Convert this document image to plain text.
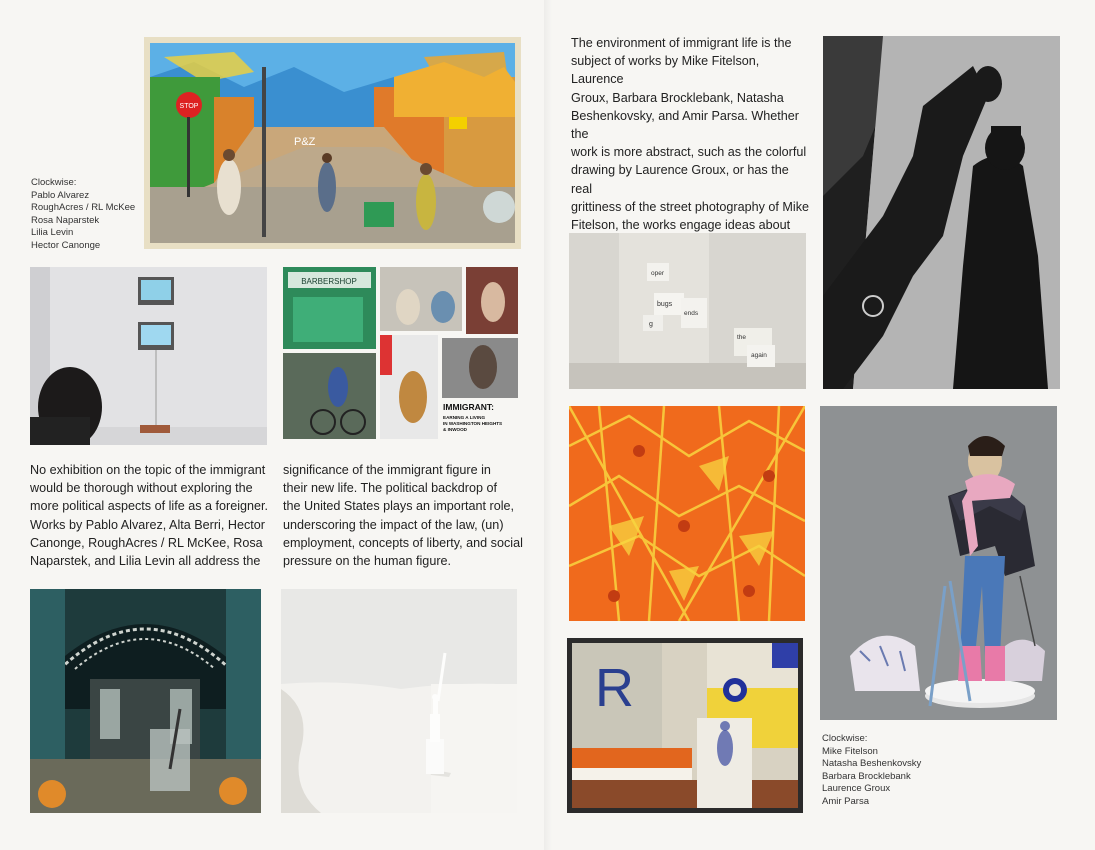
Clockwise:
Pablo Alvarez
RoughAcres / RL McKee
Rosa Naparstek
Lilia Levin
Hector Canonge
STOP
P&Z
BARBERSHOP
IMMIGRANT:
EARNING A LIVING
IN WASHINGTON HEIGHTS
& INWOOD
No exhibition on the topic of the immigrant
would be thorough without exploring the
more political aspects of life as a foreigner.
Works by Pablo Alvarez, Alta Berri, Hector
Canonge, RoughAcres / RL McKee, Rosa
Naparstek, and Lilia Levin all address the
significance of the immigrant figure in
their new life. The political backdrop of
the United States plays an important role,
underscoring the impact of the law, (un)
employment, concepts of liberty, and social
pressure on the human figure.
The environment of immigrant life is the
subject of works by Mike Fitelson, Laurence
Groux, Barbara Brocklebank, Natasha
Beshenkovsky, and Amir Parsa. Whether the
work is more abstract, such as the colorful
drawing by Laurence Groux, or has the real
grittiness of the street photography of Mike
Fitelson, the works engage ideas about
oper
bugs
g
ends
the
again
R
Clockwise:
Mike Fitelson
Natasha Beshenkovsky
Barbara Brocklebank
Laurence Groux
Amir Parsa
